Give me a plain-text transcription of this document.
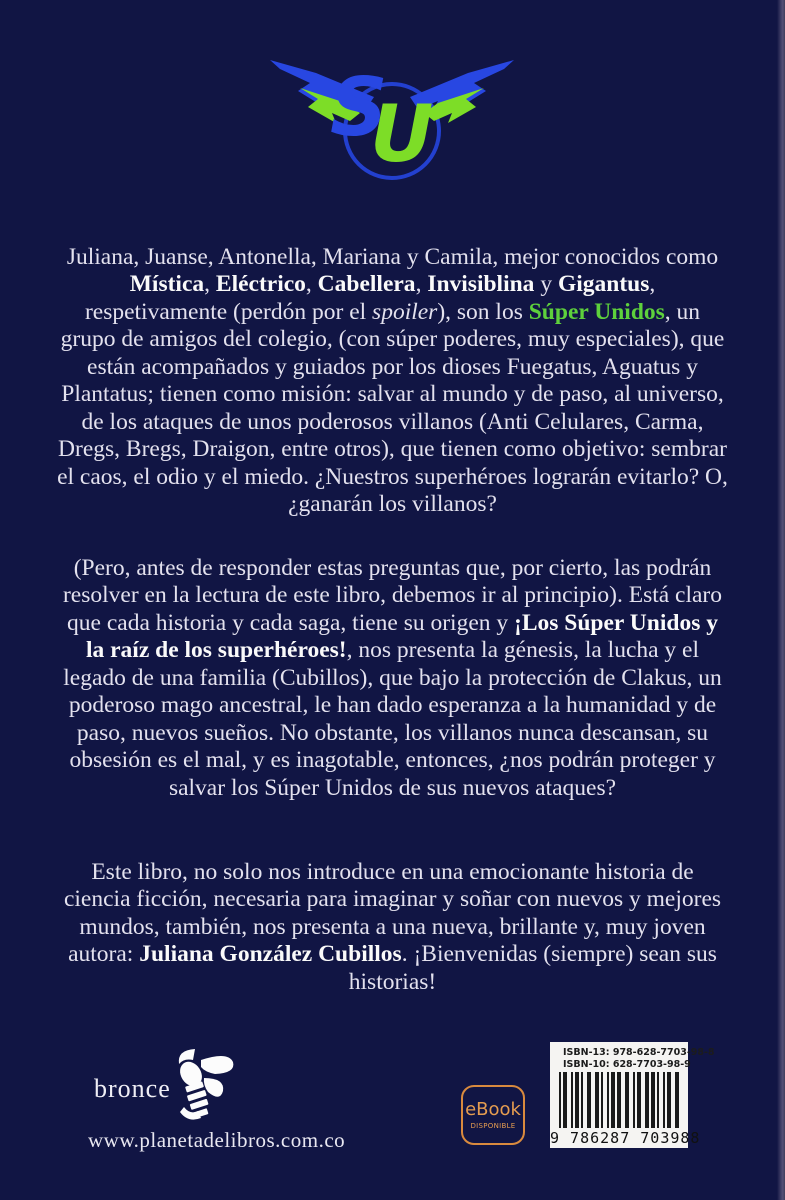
S
U

Juliana, Juanse, Antonella, Mariana y Camila, mejor conocidos como Mística, Eléctrico, Cabellera, Invisiblina y Gigantus, respetivamente (perdón por el spoiler), son los Súper Unidos, un grupo de amigos del colegio, (con súper poderes, muy especiales), que están acompañados y guiados por los dioses Fuegatus, Aguatus y Plantatus; tienen como misión: salvar al mundo y de paso, al universo, de los ataques de unos poderosos villanos (Anti Celulares, Carma, Dregs, Bregs, Draigon, entre otros), que tienen como objetivo: sembrar el caos, el odio y el miedo. ¿Nuestros superhéroes lograrán evitarlo? O, ¿ganarán los villanos?

(Pero, antes de responder estas preguntas que, por cierto, las podrán resolver en la lectura de este libro, debemos ir al principio). Está claro que cada historia y cada saga, tiene su origen y ¡Los Súper Unidos y la raíz de los superhéroes!, nos presenta la génesis, la lucha y el legado de una familia (Cubillos), que bajo la protección de Clakus, un poderoso mago ancestral, le han dado esperanza a la humanidad y de paso, nuevos sueños. No obstante, los villanos nunca descansan, su obsesión es el mal, y es inagotable, entonces, ¿nos podrán proteger y salvar los Súper Unidos de sus nuevos ataques?

Este libro, no solo nos introduce en una emocionante historia de ciencia ficción, necesaria para imaginar y soñar con nuevos y mejores mundos, también, nos presenta a una nueva, brillante y, muy joven autora: Juliana González Cubillos. ¡Bienvenidas (siempre) sean sus historias!

bronce
www.planetadelibros.com.co
eBook
DISPONIBLE
ISBN-13: 978-628-7703-98-8
ISBN-10: 628-7703-98-9
9 786287 703988
